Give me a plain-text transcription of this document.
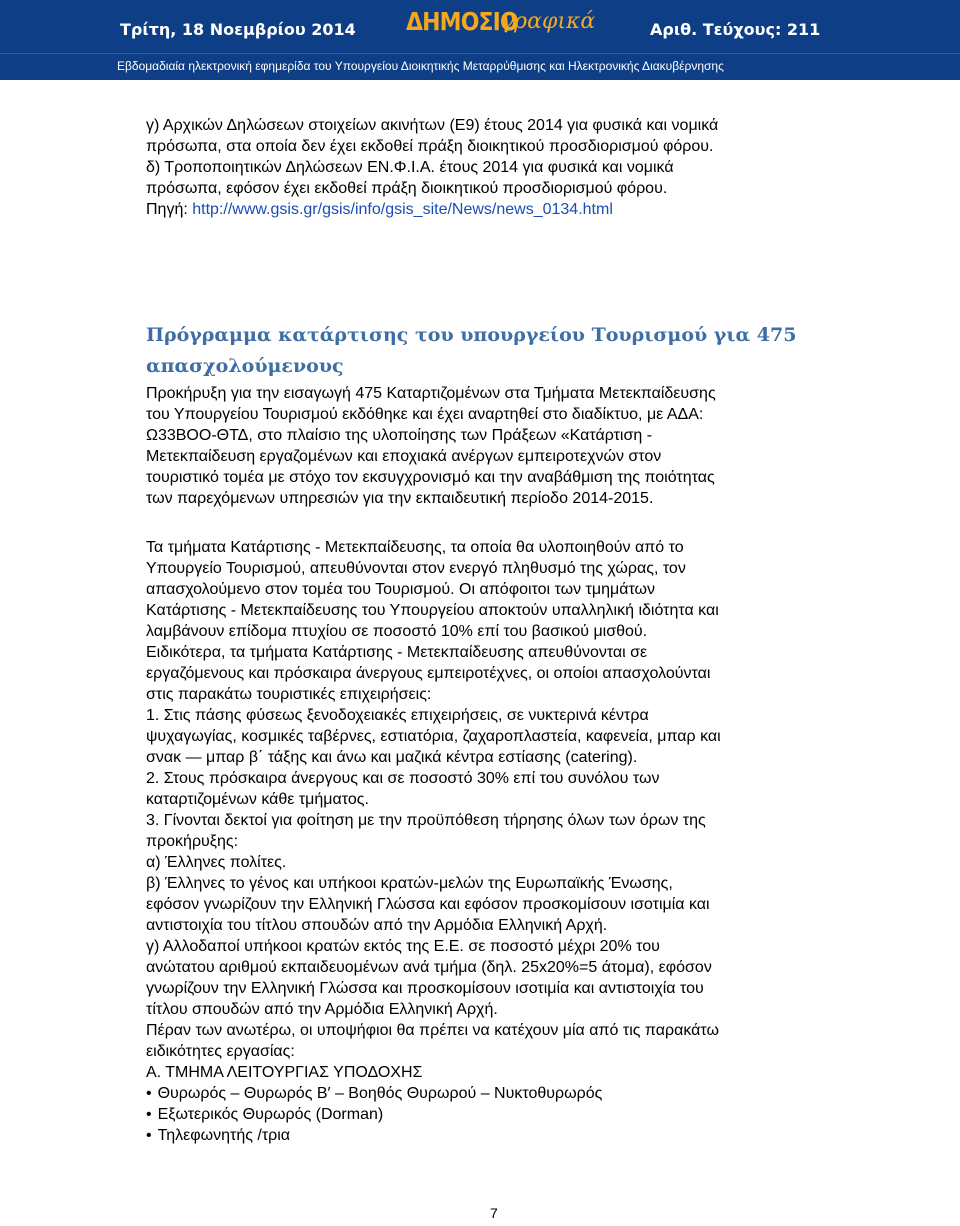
Τρίτη, 18 Νοεμβρίου 2014 ΔΗΜΟΣΙΟ
γραφικά	Αριθ. Τεύχους: 211
Εβδομαδιαία ηλεκτρονική εφημερίδα του Υπουργείου Διοικητικής Μεταρρύθμισης και Ηλεκτρονικής Διακυβέρνησης
γ) Αρχικών Δηλώσεων στοιχείων ακινήτων (Ε9) έτους 2014 για φυσικά και νομικά
πρόσωπα, στα οποία δεν έχει εκδοθεί πράξη διοικητικού προσδιορισμού φόρου.
δ) Τροποποιητικών Δηλώσεων ΕΝ.Φ.Ι.Α. έτους 2014 για φυσικά και νομικά
πρόσωπα, εφόσον έχει εκδοθεί πράξη διοικητικού προσδιορισμού φόρου.
Πηγή: http://www.gsis.gr/gsis/info/gsis_site/News/news_0134.html
Πρόγραμμα κατάρτισης του υπουργείου Τουρισμού για 475
απασχολούμενους
Προκήρυξη για την εισαγωγή 475 Καταρτιζομένων στα Τμήματα Μετεκπαίδευσης
του Υπουργείου Τουρισμού εκδόθηκε και έχει αναρτηθεί στο διαδίκτυο, με ΑΔΑ:
Ω33ΒΟΟ-ΘΤΔ, στο πλαίσιο της υλοποίησης των Πράξεων «Κατάρτιση -
Μετεκπαίδευση εργαζομένων και εποχιακά ανέργων εμπειροτεχνών στον
τουριστικό τομέα με στόχο τον εκσυγχρονισμό και την αναβάθμιση της ποιότητας
των παρεχόμενων υπηρεσιών για την εκπαιδευτική περίοδο 2014-2015.
Τα τμήματα Κατάρτισης - Μετεκπαίδευσης, τα οποία θα υλοποιηθούν από το
Υπουργείο Τουρισμού, απευθύνονται στον ενεργό πληθυσμό της χώρας, τον
απασχολούμενο στον τομέα του Τουρισμού. Οι απόφοιτοι των τμημάτων
Κατάρτισης - Μετεκπαίδευσης του Υπουργείου αποκτούν υπαλληλική ιδιότητα και
λαμβάνουν επίδομα πτυχίου σε ποσοστό 10% επί του βασικού μισθού.
Ειδικότερα, τα τμήματα Κατάρτισης - Μετεκπαίδευσης απευθύνονται σε
εργαζόμενους και πρόσκαιρα άνεργους εμπειροτέχνες, οι οποίοι απασχολούνται
στις παρακάτω τουριστικές επιχειρήσεις:
1. Στις πάσης φύσεως ξενοδοχειακές επιχειρήσεις, σε νυκτερινά κέντρα
ψυχαγωγίας, κοσμικές ταβέρνες, εστιατόρια, ζαχαροπλαστεία, καφενεία, μπαρ και
σνακ — μπαρ β΄ τάξης και άνω και μαζικά κέντρα εστίασης (catering).
2. Στους πρόσκαιρα άνεργους και σε ποσοστό 30% επί του συνόλου των
καταρτιζομένων κάθε τμήματος.
3. Γίνονται δεκτοί για φοίτηση με την προϋπόθεση τήρησης όλων των όρων της
προκήρυξης:
α) Έλληνες πολίτες.
β) Έλληνες το γένος και υπήκοοι κρατών-μελών της Ευρωπαϊκής Ένωσης,
εφόσον γνωρίζουν την Ελληνική Γλώσσα και εφόσον προσκομίσουν ισοτιμία και
αντιστοιχία του τίτλου σπουδών από την Αρμόδια Ελληνική Αρχή.
γ) Αλλοδαποί υπήκοοι κρατών εκτός της Ε.Ε. σε ποσοστό μέχρι 20% του
ανώτατου αριθμού εκπαιδευομένων ανά τμήμα (δηλ. 25x20%=5 άτομα), εφόσον
γνωρίζουν την Ελληνική Γλώσσα και προσκομίσουν ισοτιμία και αντιστοιχία του
τίτλου σπουδών από την Αρμόδια Ελληνική Αρχή.
Πέραν των ανωτέρω, οι υποψήφιοι θα πρέπει να κατέχουν μία από τις παρακάτω
ειδικότητες εργασίας:
Α. ΤΜΗΜΑ ΛΕΙΤΟΥΡΓΙΑΣ ΥΠΟΔΟΧΗΣ
• Θυρωρός – Θυρωρός Β′ – Βοηθός Θυρωρού – Νυκτοθυρωρός
• Εξωτερικός Θυρωρός (Dorman)
• Τηλεφωνητής /τρια
7
